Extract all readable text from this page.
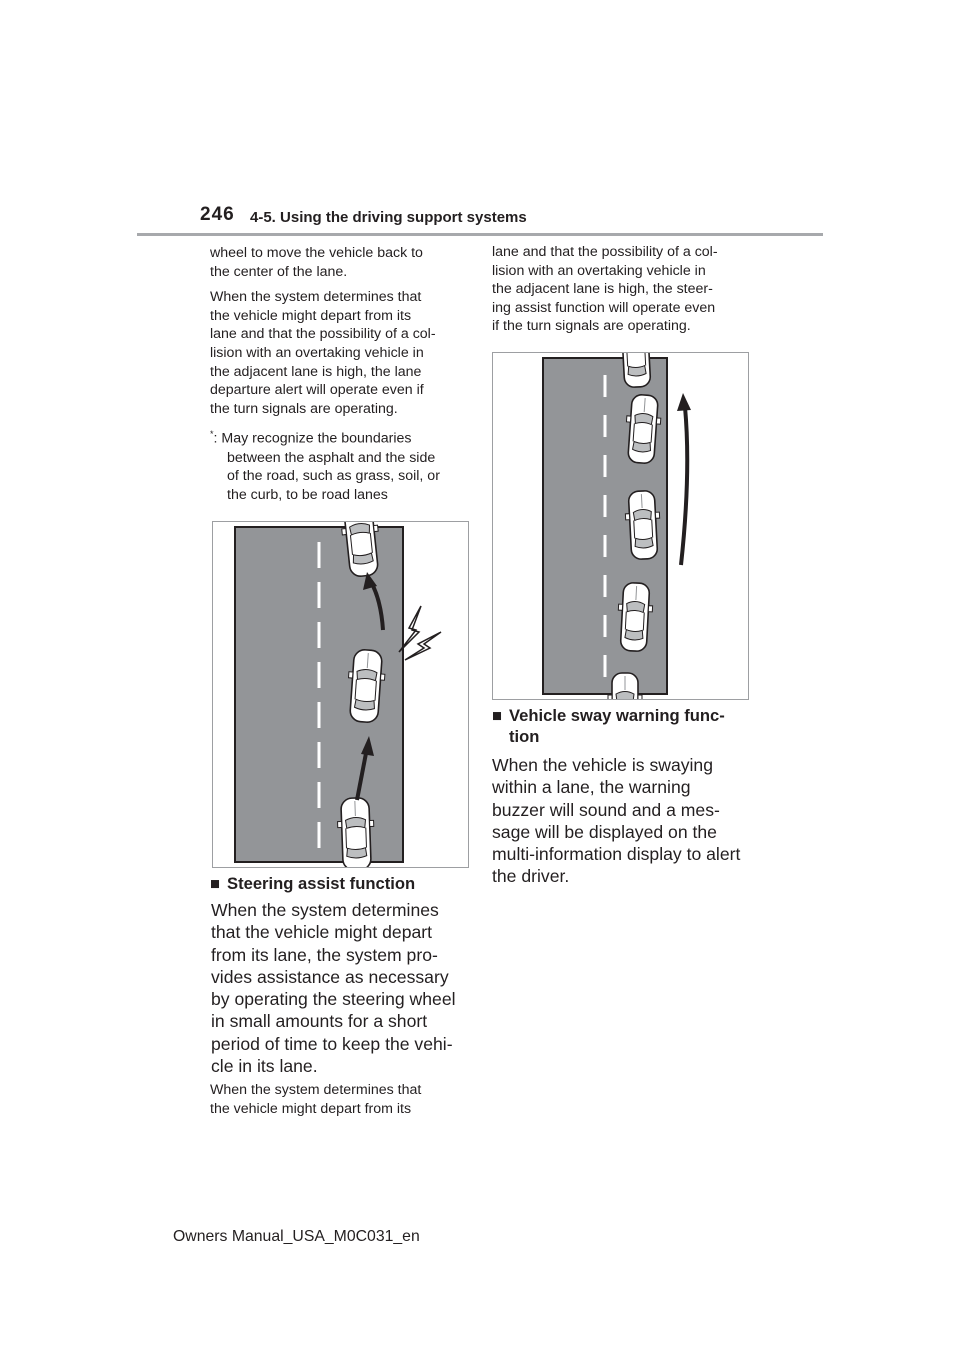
246 4-5. Using the driving support systems

wheel to move the vehicle back to
the center of the lane.

When the system determines that
the vehicle might depart from its
lane and that the possibility of a col-
lision with an overtaking vehicle in
the adjacent lane is high, the lane
departure alert will operate even if
the turn signals are operating.

*: May recognize the boundaries
between the asphalt and the side
of the road, such as grass, soil, or
the curb, to be road lanes

■ Steering assist function

When the system determines
that the vehicle might depart
from its lane, the system pro-
vides assistance as necessary
by operating the steering wheel
in small amounts for a short
period of time to keep the vehi-
cle in its lane.

When the system determines that
the vehicle might depart from its

lane and that the possibility of a col-
lision with an overtaking vehicle in
the adjacent lane is high, the steer-
ing assist function will operate even
if the turn signals are operating.

■ Vehicle sway warning func-
tion

When the vehicle is swaying
within a lane, the warning
buzzer will sound and a mes-
sage will be displayed on the
multi-information display to alert
the driver.

Owners Manual_USA_M0C031_en
